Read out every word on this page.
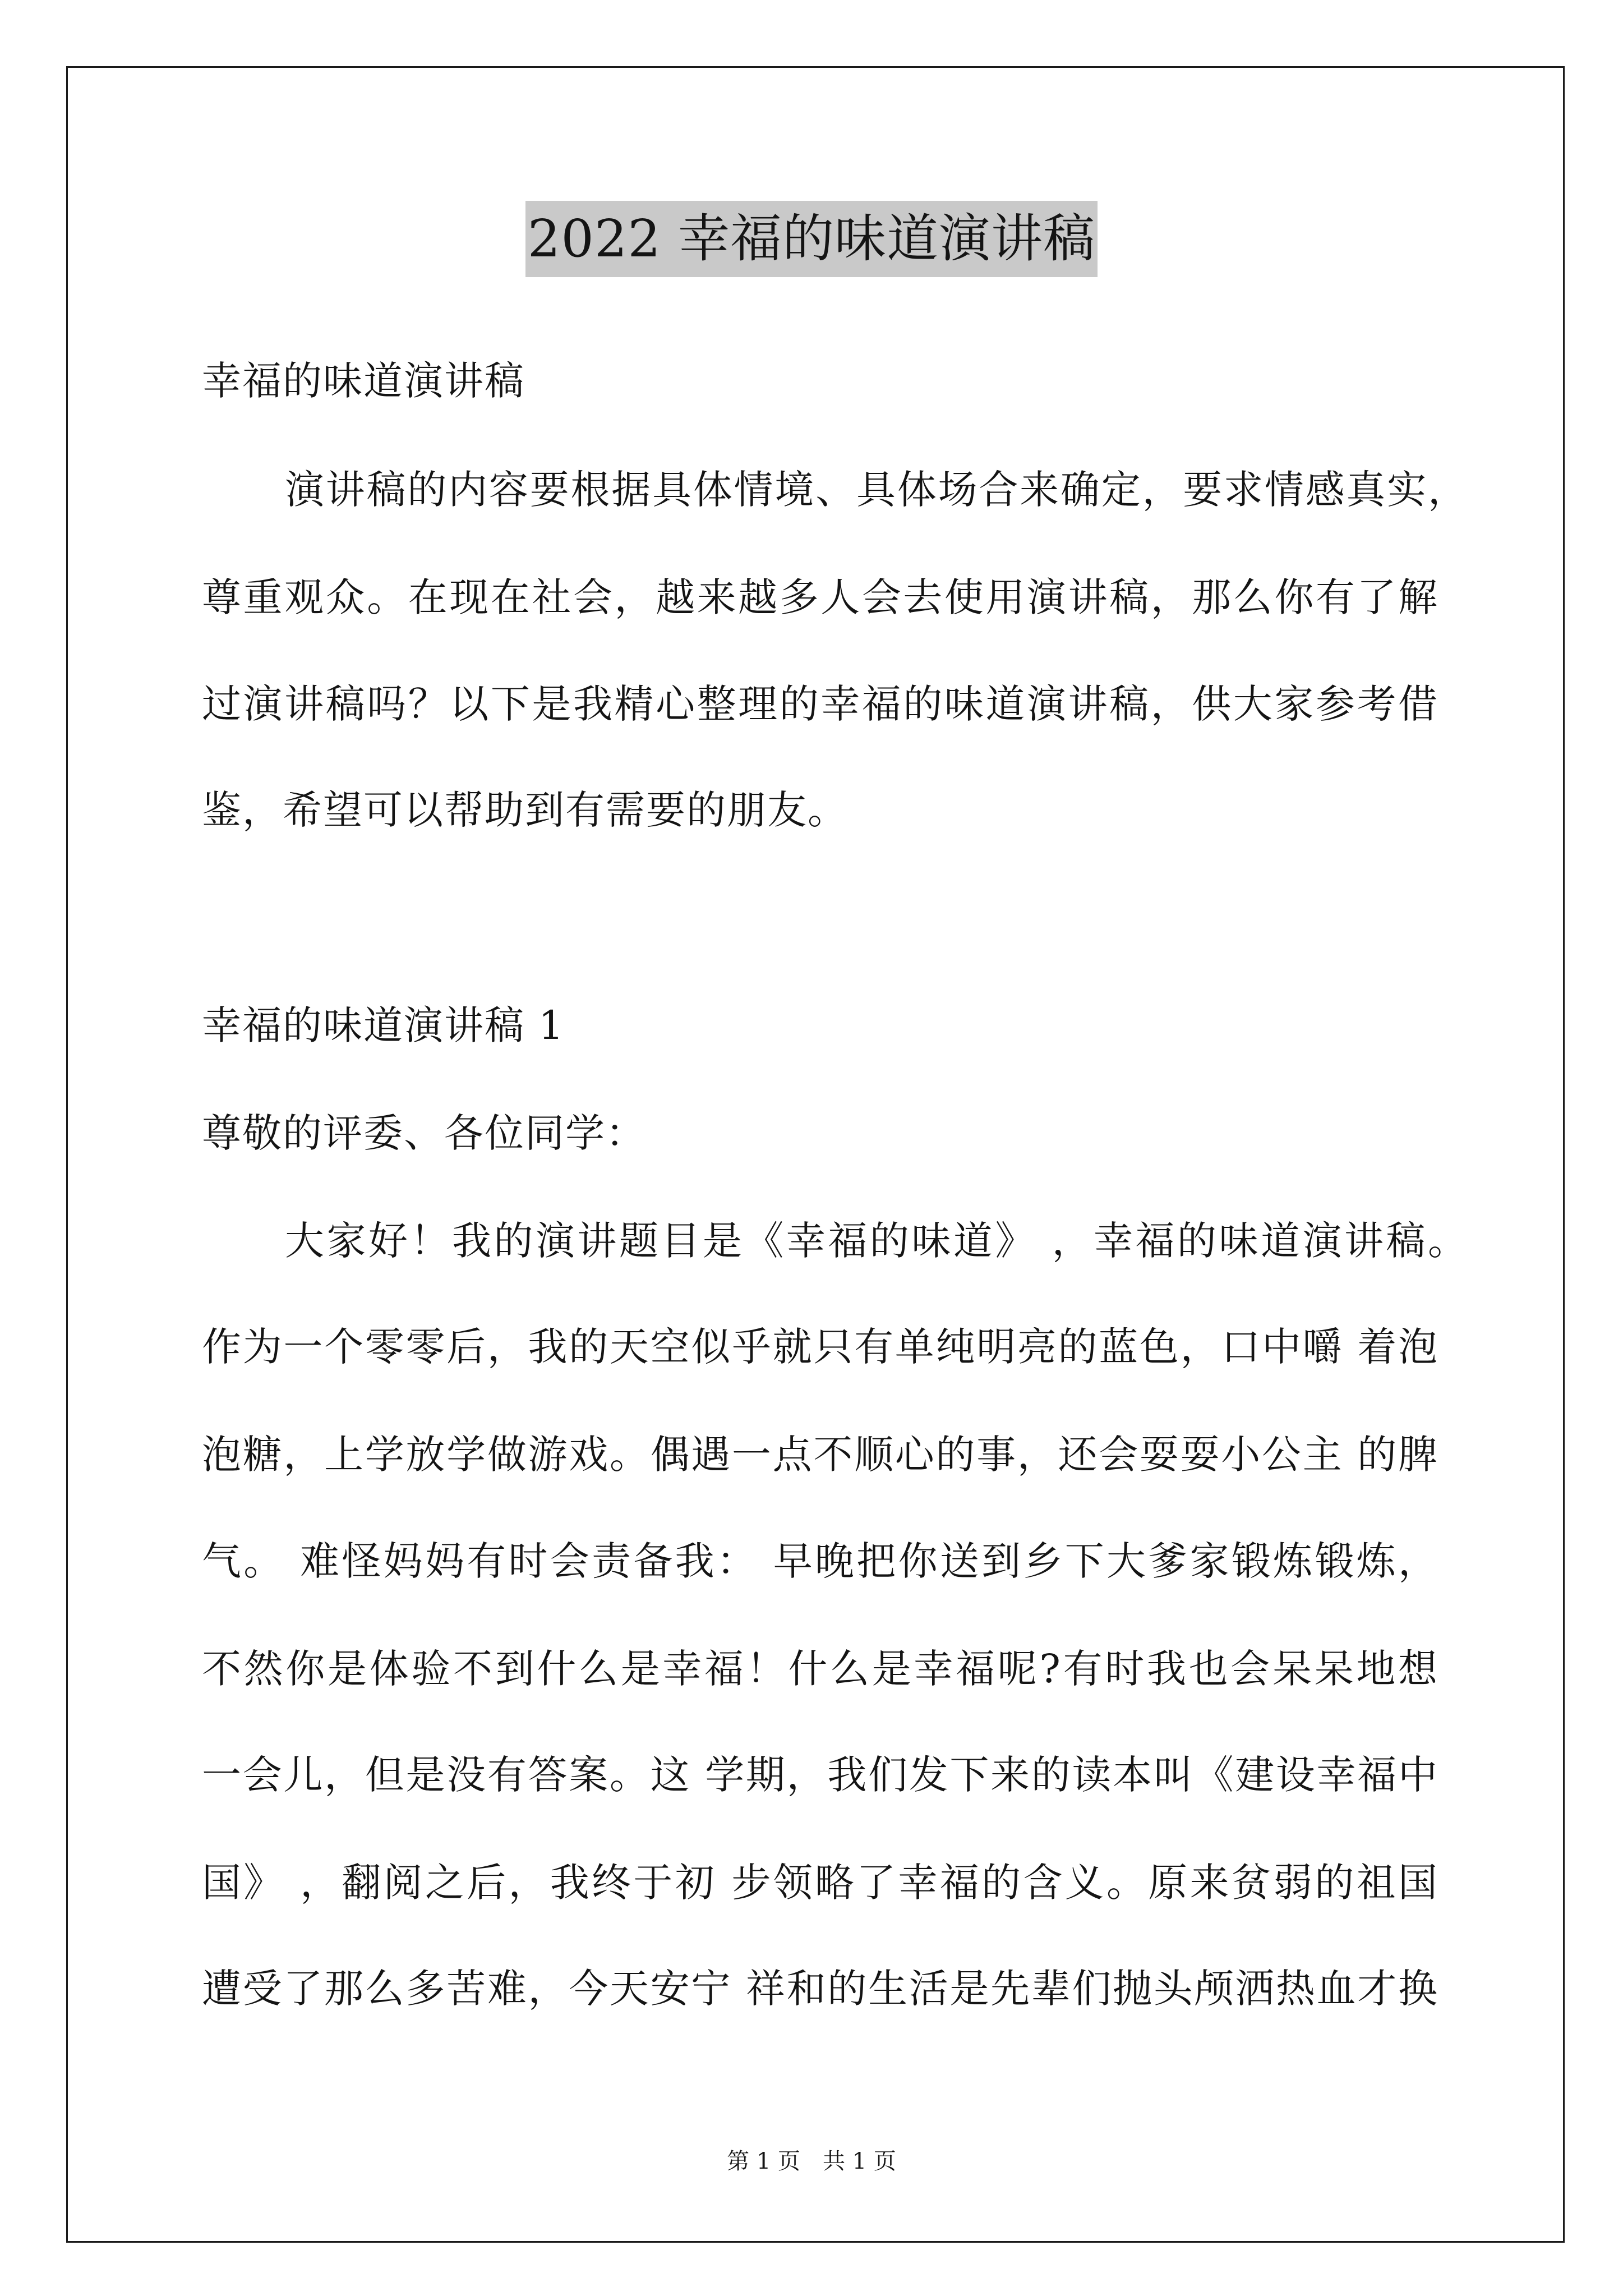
2022 幸福的味道演讲稿
幸福的味道演讲稿
演讲稿的内容要根据具体情境、具体场合来确定，要求情感真实，
尊重观众。在现在社会，越来越多人会去使用演讲稿，那么你有了解
过演讲稿吗？以下是我精心整理的幸福的味道演讲稿，供大家参考借
鉴，希望可以帮助到有需要的朋友。
幸福的味道演讲稿 1
尊敬的评委、各位同学：
大家好！我的演讲题目是《幸福的味道》 ，幸福的味道演讲稿。
作为一个零零后，我的天空似乎就只有单纯明亮的蓝色，口中嚼 着泡
泡糖，上学放学做游戏。偶遇一点不顺心的事，还会耍耍小公主 的脾
气。 难怪妈妈有时会责备我： 早晚把你送到乡下大爹家锻炼锻炼，
不然你是体验不到什么是幸福！什么是幸福呢?有时我也会呆呆地想
一会儿，但是没有答案。这 学期，我们发下来的读本叫《建设幸福中
国》 ，翻阅之后，我终于初 步领略了幸福的含义。原来贫弱的祖国
遭受了那么多苦难，今天安宁 祥和的生活是先辈们抛头颅洒热血才换
第 1 页　共 1 页
